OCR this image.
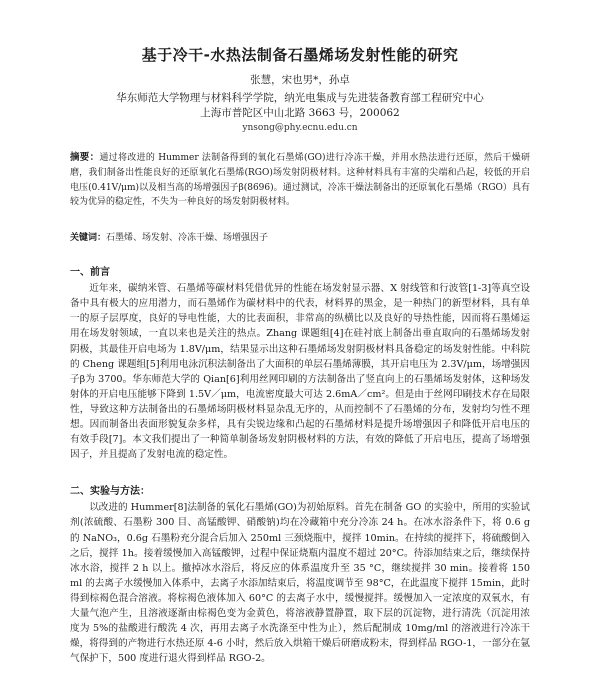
基于冷干-水热法制备石墨烯场发射性能的研究
张慧，宋也男*，孙卓
华东师范大学物理与材料科学学院，纳光电集成与先进装备教育部工程研究中心
上海市普陀区中山北路 3663 号，200062
ynsong@phy.ecnu.edu.cn
摘要：通过将改进的 Hummer 法制备得到的氧化石墨烯(GO)进行冷冻干燥，并用水热法进行还原，然后干燥研磨，我们制备出性能良好的还原氧化石墨烯(RGO)场发射阴极材料。这种材料具有丰富的尖端和凸起，较低的开启电压(0.41V/μm)以及相当高的场增强因子β(8696)。通过测试，冷冻干燥法制备出的还原氧化石墨烯（RGO）具有较为优异的稳定性，不失为一种良好的场发射阴极材料。
关键词：石墨烯、场发射、冷冻干燥、场增强因子
一、前言

近年来，碳纳米管、石墨烯等碳材料凭借优异的性能在场发射显示器、X 射线管和行波管[1-3]等真空设备中具有极大的应用潜力，而石墨烯作为碳材料中的代表，材料界的黑金，是一种热门的新型材料，具有单一的原子层厚度，良好的导电性能，大的比表面积，非常高的纵横比以及良好的导热性能，因而将石墨烯运用在场发射领域，一直以来也是关注的热点。Zhang 课题组[4]在硅衬底上制备出垂直取向的石墨烯场发射阴极，其最佳开启电场为 1.8V/μm，结果显示出这种石墨烯场发射阴极材料具备稳定的场发射性能。中科院的 Cheng 课题组[5]利用电泳沉积法制备出了大面积的单层石墨烯薄膜，其开启电压为 2.3V/μm，场增强因子β为 3700。华东师范大学的 Qian[6]利用丝网印刷的方法制备出了竖直向上的石墨烯场发射体，这种场发射体的开启电压能够下降到 1.5V／μm，电流密度最大可达 2.6mA／cm²。但是由于丝网印刷技术存在局限性，导致这种方法制备出的石墨烯场阴极材料显杂乱无序的，从而控制不了石墨烯的分布，发射均匀性不理想。因而制备出表面形貌复杂多样，具有尖锐边缘和凸起的石墨烯材料是提升场增强因子和降低开启电压的有效手段[7]。本文我们提出了一种简单制备场发射阴极材料的方法，有效的降低了开启电压，提高了场增强因子，并且提高了发射电流的稳定性。

二、实验与方法：

以改进的 Hummer[8]法制备的氧化石墨烯(GO)为初始原料。首先在制备 GO 的实验中，所用的实验试剂(浓硫酸、石墨粉 300 目、高锰酸钾、硝酸钠)均在冷藏箱中充分冷冻 24 h。在冰水浴条件下，将 0.6 g 的 NaNO₃，0.6g 石墨粉充分混合后加入 250ml 三颈烧瓶中，搅拌 10min。在持续的搅拌下，将硫酸倒入之后，搅拌 1h。接着缓慢加入高锰酸钾，过程中保证烧瓶内温度不超过 20°C。待添加结束之后，继续保持冰水浴，搅拌 2 h 以上。撤掉冰水浴后，将反应的体系温度升至 35 °C，继续搅拌 30 min。接着将 150 ml 的去离子水缓慢加入体系中，去离子水添加结束后，将温度调节至 98°C，在此温度下搅拌 15min，此时得到棕褐色混合溶液。将棕褐色液体加入 60°C 的去离子水中，缓慢搅拌。缓慢加入一定浓度的双氧水，有大量气泡产生，且溶液逐渐由棕褐色变为金黄色，将溶液静置静置，取下层的沉淀物，进行清洗（沉淀用浓度为 5%的盐酸进行酸洗 4 次，再用去离子水洗涤至中性为止），然后配制成 10mg/ml 的溶液进行冷冻干燥，将得到的产物进行水热还原 4-6 小时，然后放入烘箱干燥后研磨成粉末，得到样品 RGO-1，一部分在氩气保护下，500 度进行退火得到样品 RGO-2。
